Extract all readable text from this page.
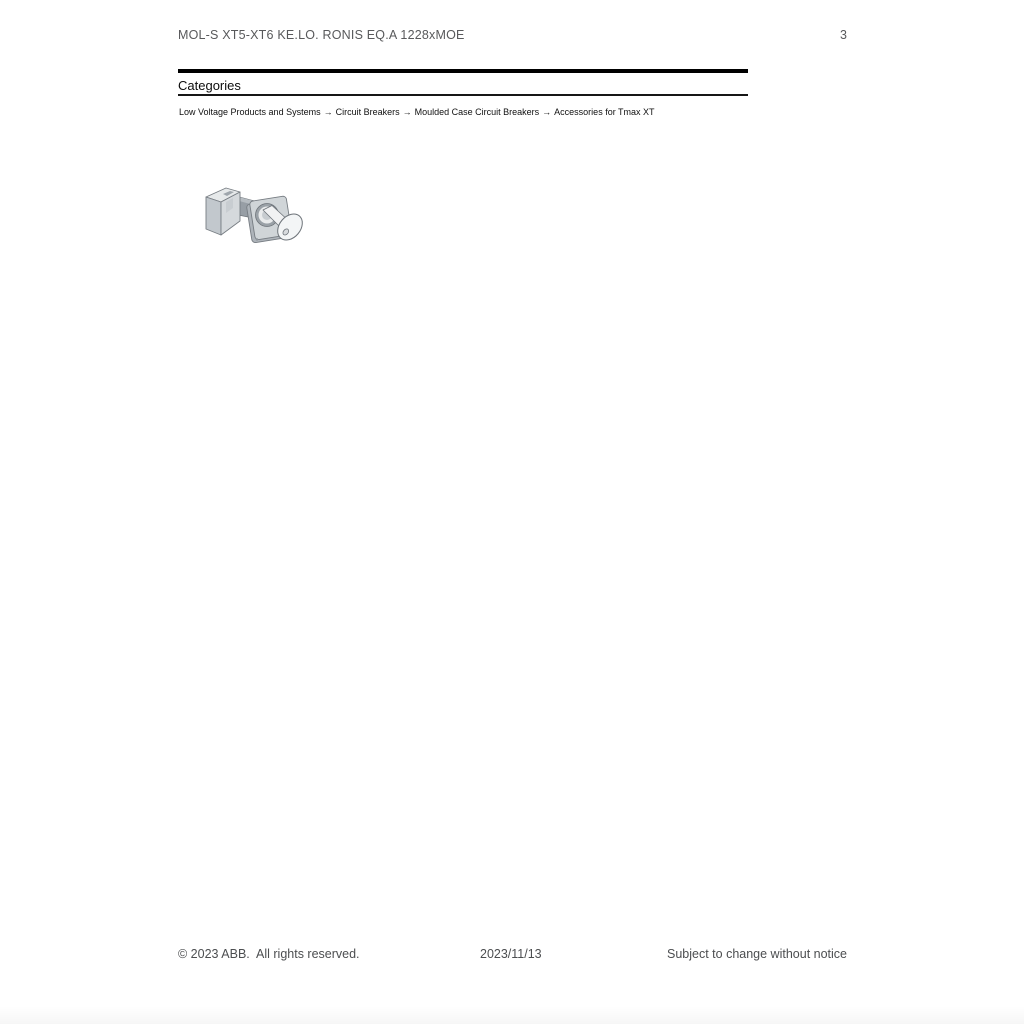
MOL-S XT5-XT6 KE.LO. RONIS EQ.A 1228xMOE	3
Categories
Low Voltage Products and Systems → Circuit Breakers → Moulded Case Circuit Breakers → Accessories for Tmax XT
© 2023 ABB.  All rights reserved.	2023/11/13	Subject to change without notice
